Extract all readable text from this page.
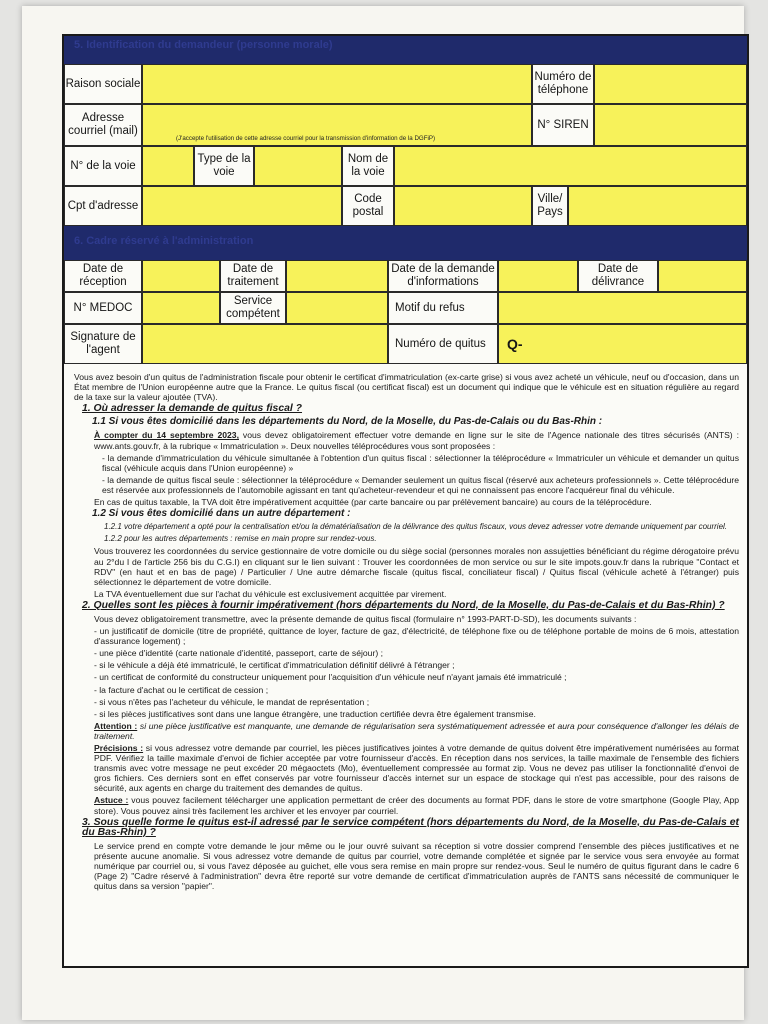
5. Identification du demandeur (personne morale)
Raison sociale
Numéro de téléphone
Adresse courriel (mail)
(J'accepte l'utilisation de cette adresse courriel pour la transmission d'information de la DGFiP)
N° SIREN
N° de la voie
Type de la voie
Nom de la voie
Cpt d'adresse
Code postal
Ville/ Pays
6. Cadre réservé à l'administration
Date de réception
Date de traitement
Date de la demande d'informations
Date de délivrance
N° MEDOC
Service compétent
Motif du refus
Signature de l'agent
Numéro de quitus	Q-

Vous avez besoin d'un quitus de l'administration fiscale pour obtenir le certificat d'immatriculation (ex-carte grise) si vous avez acheté un véhicule, neuf ou d'occasion, dans un État membre de l'Union européenne autre que la France. Le quitus fiscal (ou certificat fiscal) est un document qui indique que le véhicule est en situation régulière au regard de la taxe sur la valeur ajoutée (TVA).

1. Où adresser la demande de quitus fiscal ?

1.1 Si vous êtes domicilié dans les départements du Nord, de la Moselle, du Pas-de-Calais ou du Bas-Rhin :

À compter du 14 septembre 2023, vous devez obligatoirement effectuer votre demande en ligne sur le site de l'Agence nationale des titres sécurisés (ANTS) : www.ants.gouv.fr, à la rubrique « Immatriculation ». Deux nouvelles téléprocédures vous sont proposées :

- la demande d'immatriculation du véhicule simultanée à l'obtention d'un quitus fiscal : sélectionner la téléprocédure « Immatriculer un véhicule et demander un quitus fiscal (véhicule acquis dans l'Union européenne) »

- la demande de quitus fiscal seule : sélectionner la téléprocédure « Demander seulement un quitus fiscal (réservé aux acheteurs professionnels ». Cette téléprocédure est réservée aux professionnels de l'automobile agissant en tant qu'acheteur-revendeur et qui ne connaissent pas encore l'acquéreur final du véhicule.

En cas de quitus taxable, la TVA doit être impérativement acquittée (par carte bancaire ou par prélèvement bancaire) au cours de la téléprocédure.

1.2 Si vous êtes domicilié dans un autre département :

1.2.1 votre département a opté pour la centralisation et/ou la dématérialisation de la délivrance des quitus fiscaux, vous devez adresser votre demande uniquement par courriel.

1.2.2 pour les autres départements : remise en main propre sur rendez-vous.

Vous trouverez les coordonnées du service gestionnaire de votre domicile ou du siège social (personnes morales non assujetties bénéficiant du régime dérogatoire prévu au 2°du I de l'article 256 bis du C.G.I) en cliquant sur le lien suivant : Trouver les coordonnées de mon service ou sur le site impots.gouv.fr dans la rubrique "Contact et RDV" (en haut et en bas de page) / Particulier / Une autre démarche fiscale (quitus fiscal, conciliateur fiscal) / Quitus fiscal (véhicule acheté à l'étranger) puis sélectionnez le département de votre domicile.

La TVA éventuellement due sur l'achat du véhicule est exclusivement acquittée par virement.

2. Quelles sont les pièces à fournir impérativement (hors départements du Nord, de la Moselle, du Pas-de-Calais et du Bas-Rhin) ?

Vous devez obligatoirement transmettre, avec la présente demande de quitus fiscal (formulaire n° 1993-PART-D-SD), les documents suivants :

- un justificatif de domicile (titre de propriété, quittance de loyer, facture de gaz, d'électricité, de téléphone fixe ou de téléphone portable de moins de 6 mois, attestation d'assurance logement) ;

- une pièce d'identité (carte nationale d'identité, passeport, carte de séjour) ;

- si le véhicule a déjà été immatriculé, le certificat d'immatriculation définitif délivré à l'étranger ;

- un certificat de conformité du constructeur uniquement pour l'acquisition d'un véhicule neuf n'ayant jamais été immatriculé ;

- la facture d'achat ou le certificat de cession ;

- si vous n'êtes pas l'acheteur du véhicule, le mandat de représentation ;

- si les pièces justificatives sont dans une langue étrangère, une traduction certifiée devra être également transmise.

Attention : si une pièce justificative est manquante, une demande de régularisation sera systématiquement adressée et aura pour conséquence d'allonger les délais de traitement.

Précisions : si vous adressez votre demande par courriel, les pièces justificatives jointes à votre demande de quitus doivent être impérativement numérisées au format PDF. Vérifiez la taille maximale d'envoi de fichier acceptée par votre fournisseur d'accès. En réception dans nos services, la taille maximale de l'ensemble des fichiers transmis avec votre message ne peut excéder 20 mégaoctets (Mo), éventuellement compressée au format zip. Vous ne devez pas utiliser la fonctionnalité d'envoi de gros fichiers. Ces derniers sont en effet conservés par votre fournisseur d'accès internet sur un espace de stockage qui n'est pas accessible, pour des raisons de sécurité, aux agents en charge du traitement des demandes de quitus.

Astuce : vous pouvez facilement télécharger une application permettant de créer des documents au format PDF, dans le store de votre smartphone (Google Play, App store). Vous pouvez ainsi très facilement les archiver et les envoyer par courriel.

3. Sous quelle forme le quitus est-il adressé par le service compétent (hors départements du Nord, de la Moselle, du Pas-de-Calais et du Bas-Rhin) ?

Le service prend en compte votre demande le jour même ou le jour ouvré suivant sa réception si votre dossier comprend l'ensemble des pièces justificatives et ne présente aucune anomalie. Si vous adressez votre demande de quitus par courriel, votre demande complétée et signée par le service vous sera envoyée au format numérique par courriel ou, si vous l'avez déposée au guichet, elle vous sera remise en main propre sur rendez-vous. Seul le numéro de quitus figurant dans le cadre 6 (Page 2) "Cadre réservé à l'administration" devra être reporté sur votre demande de certificat d'immatriculation auprès de l'ANTS sans nécessité de communiquer le quitus dans sa version "papier".
